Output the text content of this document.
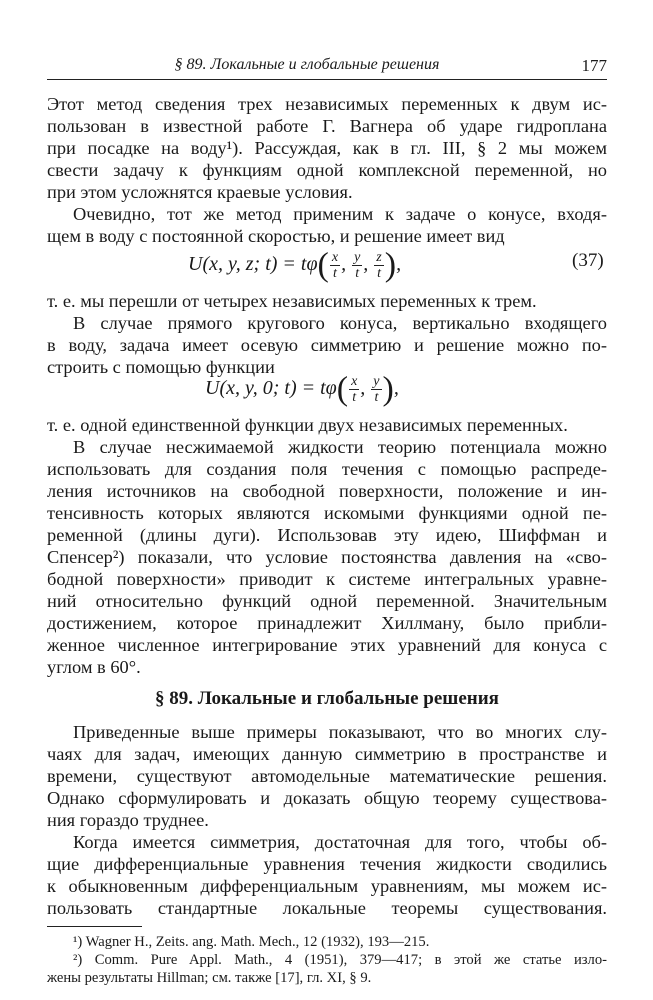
§ 89. Локальные и глобальные решения	177
Этот метод сведения трех независимых переменных к двум ис-
пользован в известной работе Г. Вагнера об ударе гидроплана
при посадке на воду¹). Рассуждая, как в гл. III, § 2 мы можем
свести задачу к функциям одной комплексной переменной, но
при этом усложнятся краевые условия.
Очевидно, тот же метод применим к задаче о конусе, входя-
щем в воду с постоянной скоростью, и решение имеет вид
U(x, y, z; $t) = t\varphi( \frac{x}{t}$ , $\frac{y}{t}$ , $\frac{z}{t}$ ),	(37)
т. е. мы перешли от четырех независимых переменных к трем.
В случае прямого кругового конуса, вертикально входящего
в воду, задача имеет осевую симметрию и решение можно по-
строить с помощью функции
U(x, y, 0; $t) = t\varphi( \frac{x}{t}$ , $\frac{y}{t}$ ),
т. е. одной единственной функции двух независимых переменных.
В случае несжимаемой жидкости теорию потенциала можно
использовать для создания поля течения с помощью распреде-
ления источников на свободной поверхности, положение и ин-
тенсивность которых являются искомыми функциями одной пе-
ременной (длины дуги). Использовав эту идею, Шиффман и
Спенсер²) показали, что условие постоянства давления на «сво-
бодной поверхности» приводит к системе интегральных уравне-
ний относительно функций одной переменной. Значительным
достижением, которое принадлежит Хиллману, было прибли-
женное численное интегрирование этих уравнений для конуса с
углом в 60°.
§ 89. Локальные и глобальные решения
Приведенные выше примеры показывают, что во многих слу-
чаях для задач, имеющих данную симметрию в пространстве и
времени, существуют автомодельные математические решения.
Однако сформулировать и доказать общую теорему существова-
ния гораздо труднее.
Когда имеется симметрия, достаточная для того, чтобы об-
щие дифференциальные уравнения течения жидкости сводились
к обыкновенным дифференциальным уравнениям, мы можем ис-
пользовать стандартные локальные теоремы существования.
¹) Wagner H., Zeits. ang. Math. Mech., 12 (1932), 193—215.
²) Comm. Pure Appl. Math., 4 (1951), 379—417; в этой же статье изло-
жены результаты Hillman; см. также [17], гл. XI, § 9.
